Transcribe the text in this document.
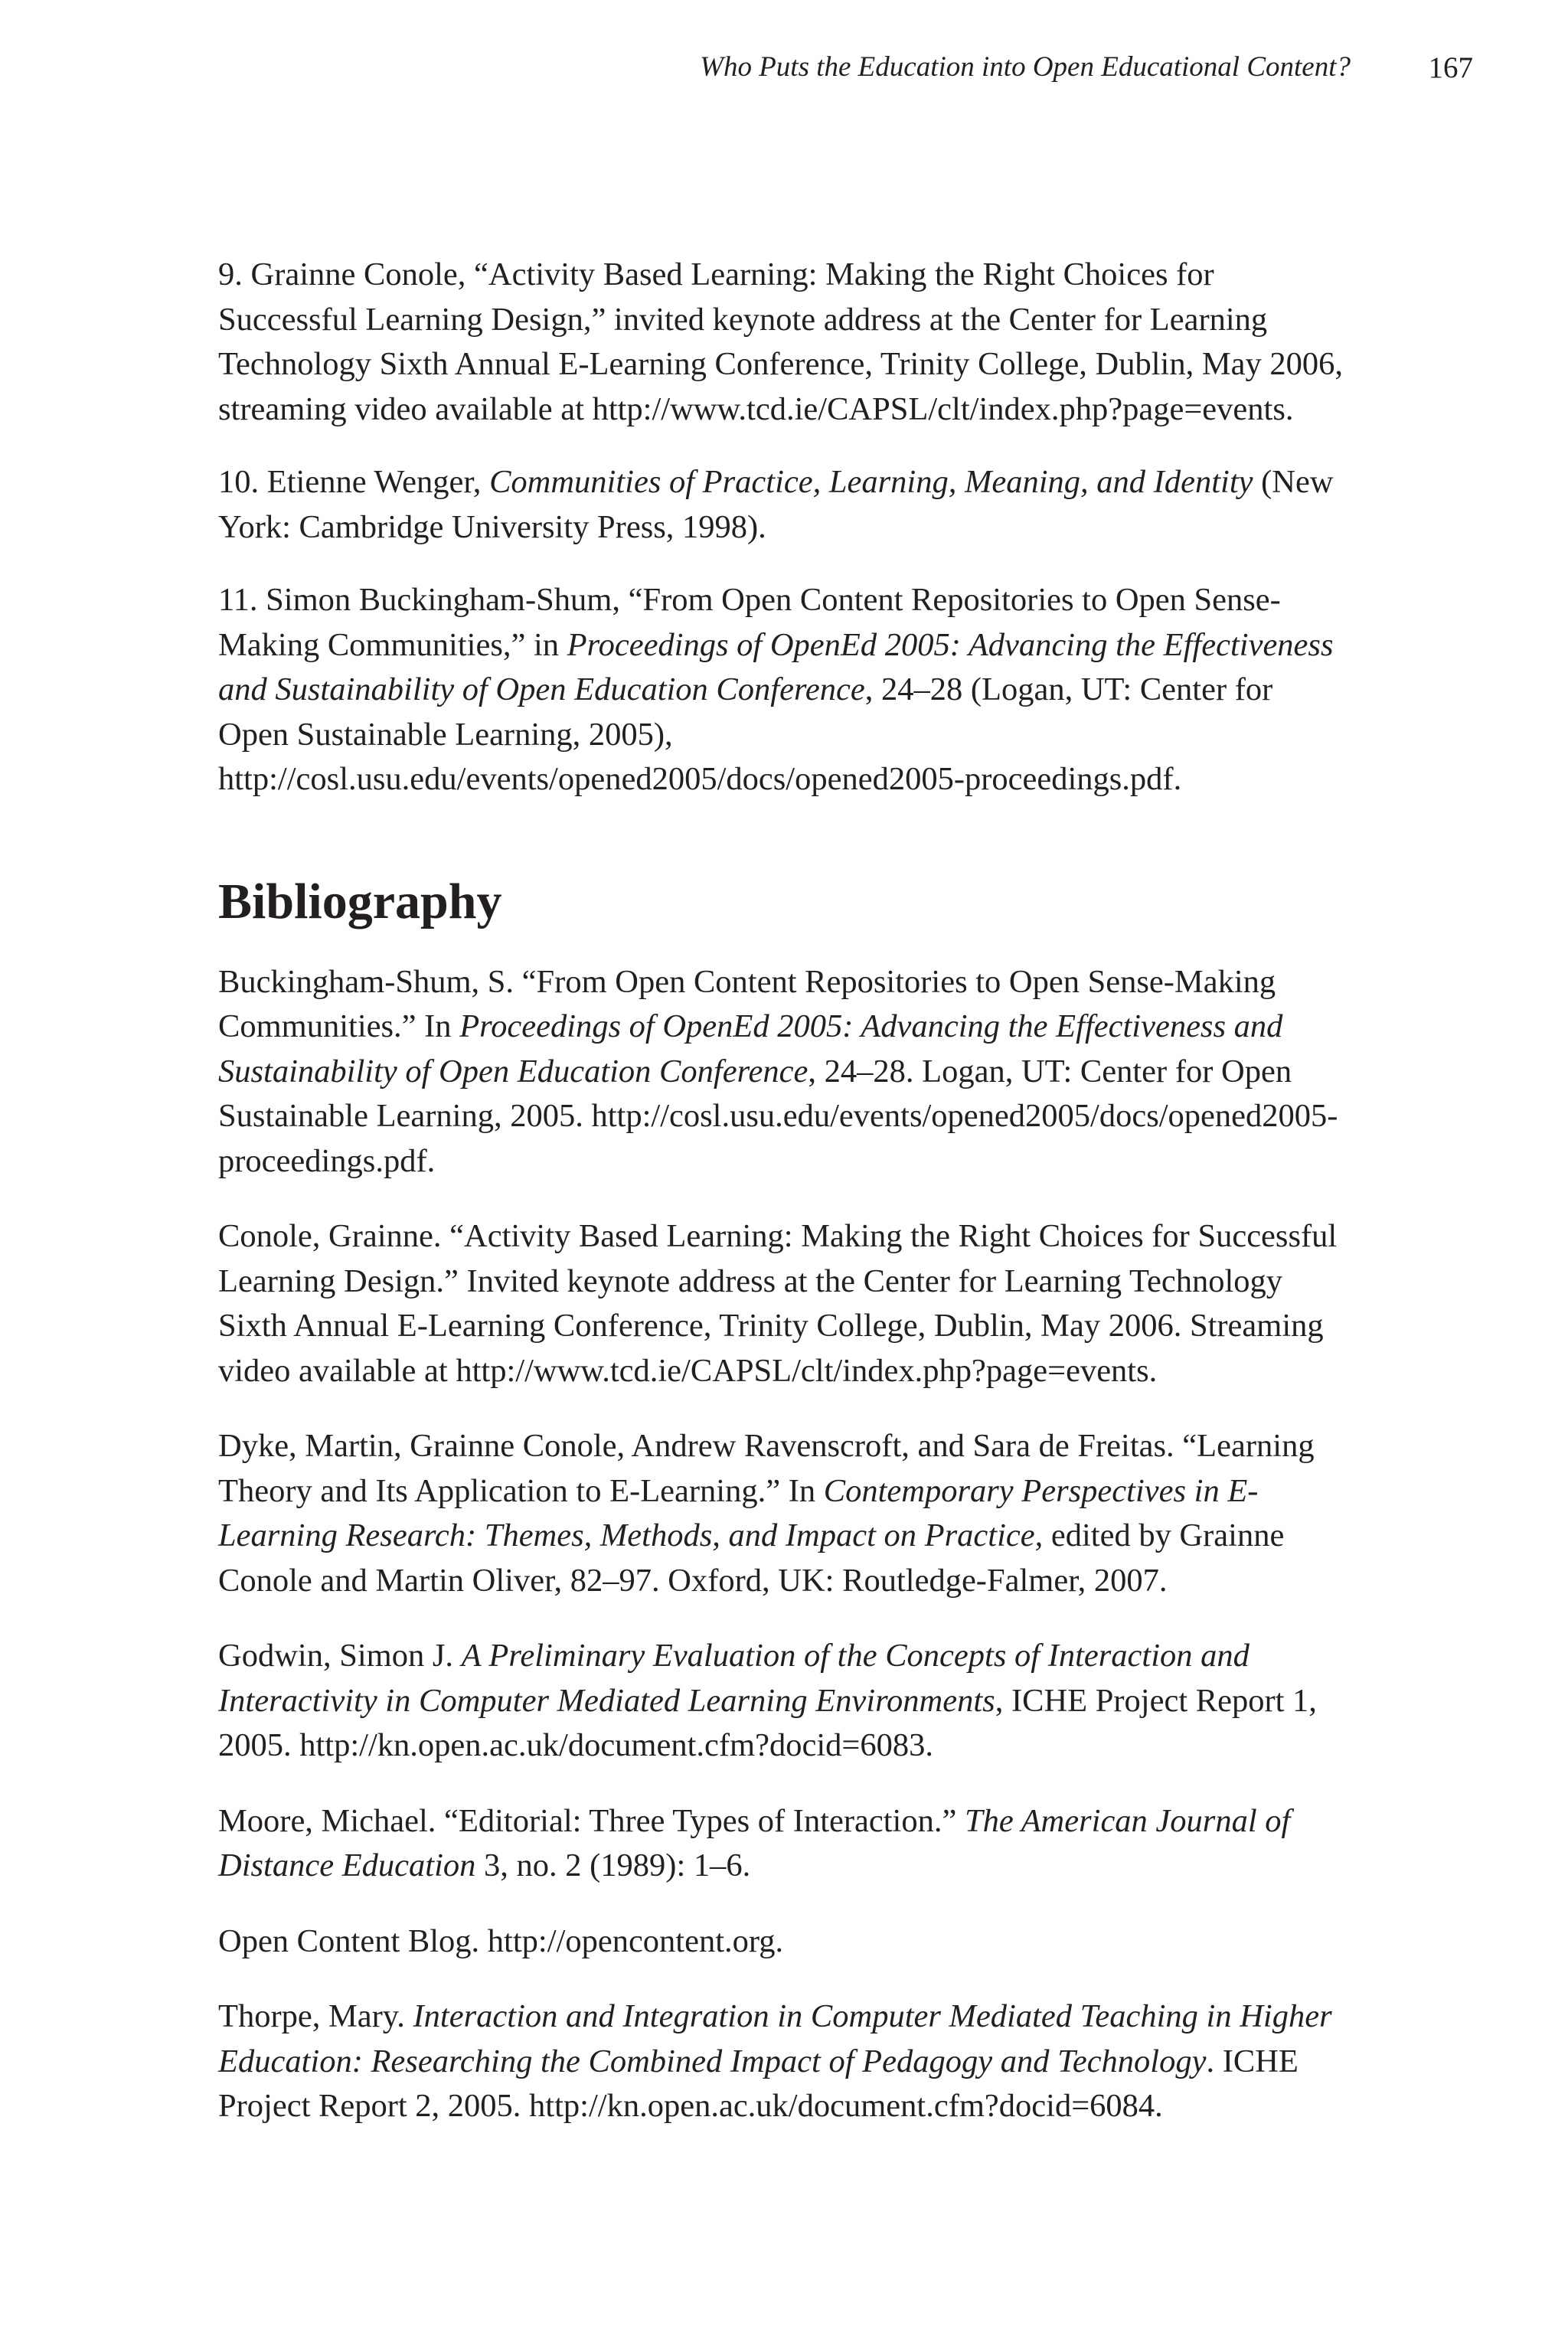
Who Puts the Education into Open Educational Content?	167

9. Grainne Conole, “Activity Based Learning: Making the Right Choices for Successful Learning Design,” invited keynote address at the Center for Learning Technology Sixth Annual E-Learning Conference, Trinity College, Dublin, May 2006, streaming video available at http://www.tcd.ie/CAPSL/clt/index.php?page=events.

10. Etienne Wenger, Communities of Practice, Learning, Meaning, and Identity (New York: Cambridge University Press, 1998).

11. Simon Buckingham-Shum, “From Open Content Repositories to Open Sense-Making Communities,” in Proceedings of OpenEd 2005: Advancing the Effectiveness and Sustainability of Open Education Conference, 24–28 (Logan, UT: Center for Open Sustainable Learning, 2005), http://cosl.usu.edu/events/opened2005/docs/opened2005-proceedings.pdf.

Bibliography

Buckingham-Shum, S. “From Open Content Repositories to Open Sense-Making Communities.” In Proceedings of OpenEd 2005: Advancing the Effectiveness and Sustainability of Open Education Conference, 24–28. Logan, UT: Center for Open Sustainable Learning, 2005. http://cosl.usu.edu/events/opened2005/docs/opened2005-proceedings.pdf.

Conole, Grainne. “Activity Based Learning: Making the Right Choices for Successful Learning Design.” Invited keynote address at the Center for Learning Technology Sixth Annual E-Learning Conference, Trinity College, Dublin, May 2006. Streaming video available at http://www.tcd.ie/CAPSL/clt/index.php?page=events.

Dyke, Martin, Grainne Conole, Andrew Ravenscroft, and Sara de Freitas. “Learning Theory and Its Application to E-Learning.” In Contemporary Perspectives in E-Learning Research: Themes, Methods, and Impact on Practice, edited by Grainne Conole and Martin Oliver, 82–97. Oxford, UK: Routledge-Falmer, 2007.

Godwin, Simon J. A Preliminary Evaluation of the Concepts of Interaction and Interactivity in Computer Mediated Learning Environments, ICHE Project Report 1, 2005. http://kn.open.ac.uk/document.cfm?docid=6083.

Moore, Michael. “Editorial: Three Types of Interaction.” The American Journal of Distance Education 3, no. 2 (1989): 1–6.

Open Content Blog. http://opencontent.org.

Thorpe, Mary. Interaction and Integration in Computer Mediated Teaching in Higher Education: Researching the Combined Impact of Pedagogy and Technology. ICHE Project Report 2, 2005. http://kn.open.ac.uk/document.cfm?docid=6084.
